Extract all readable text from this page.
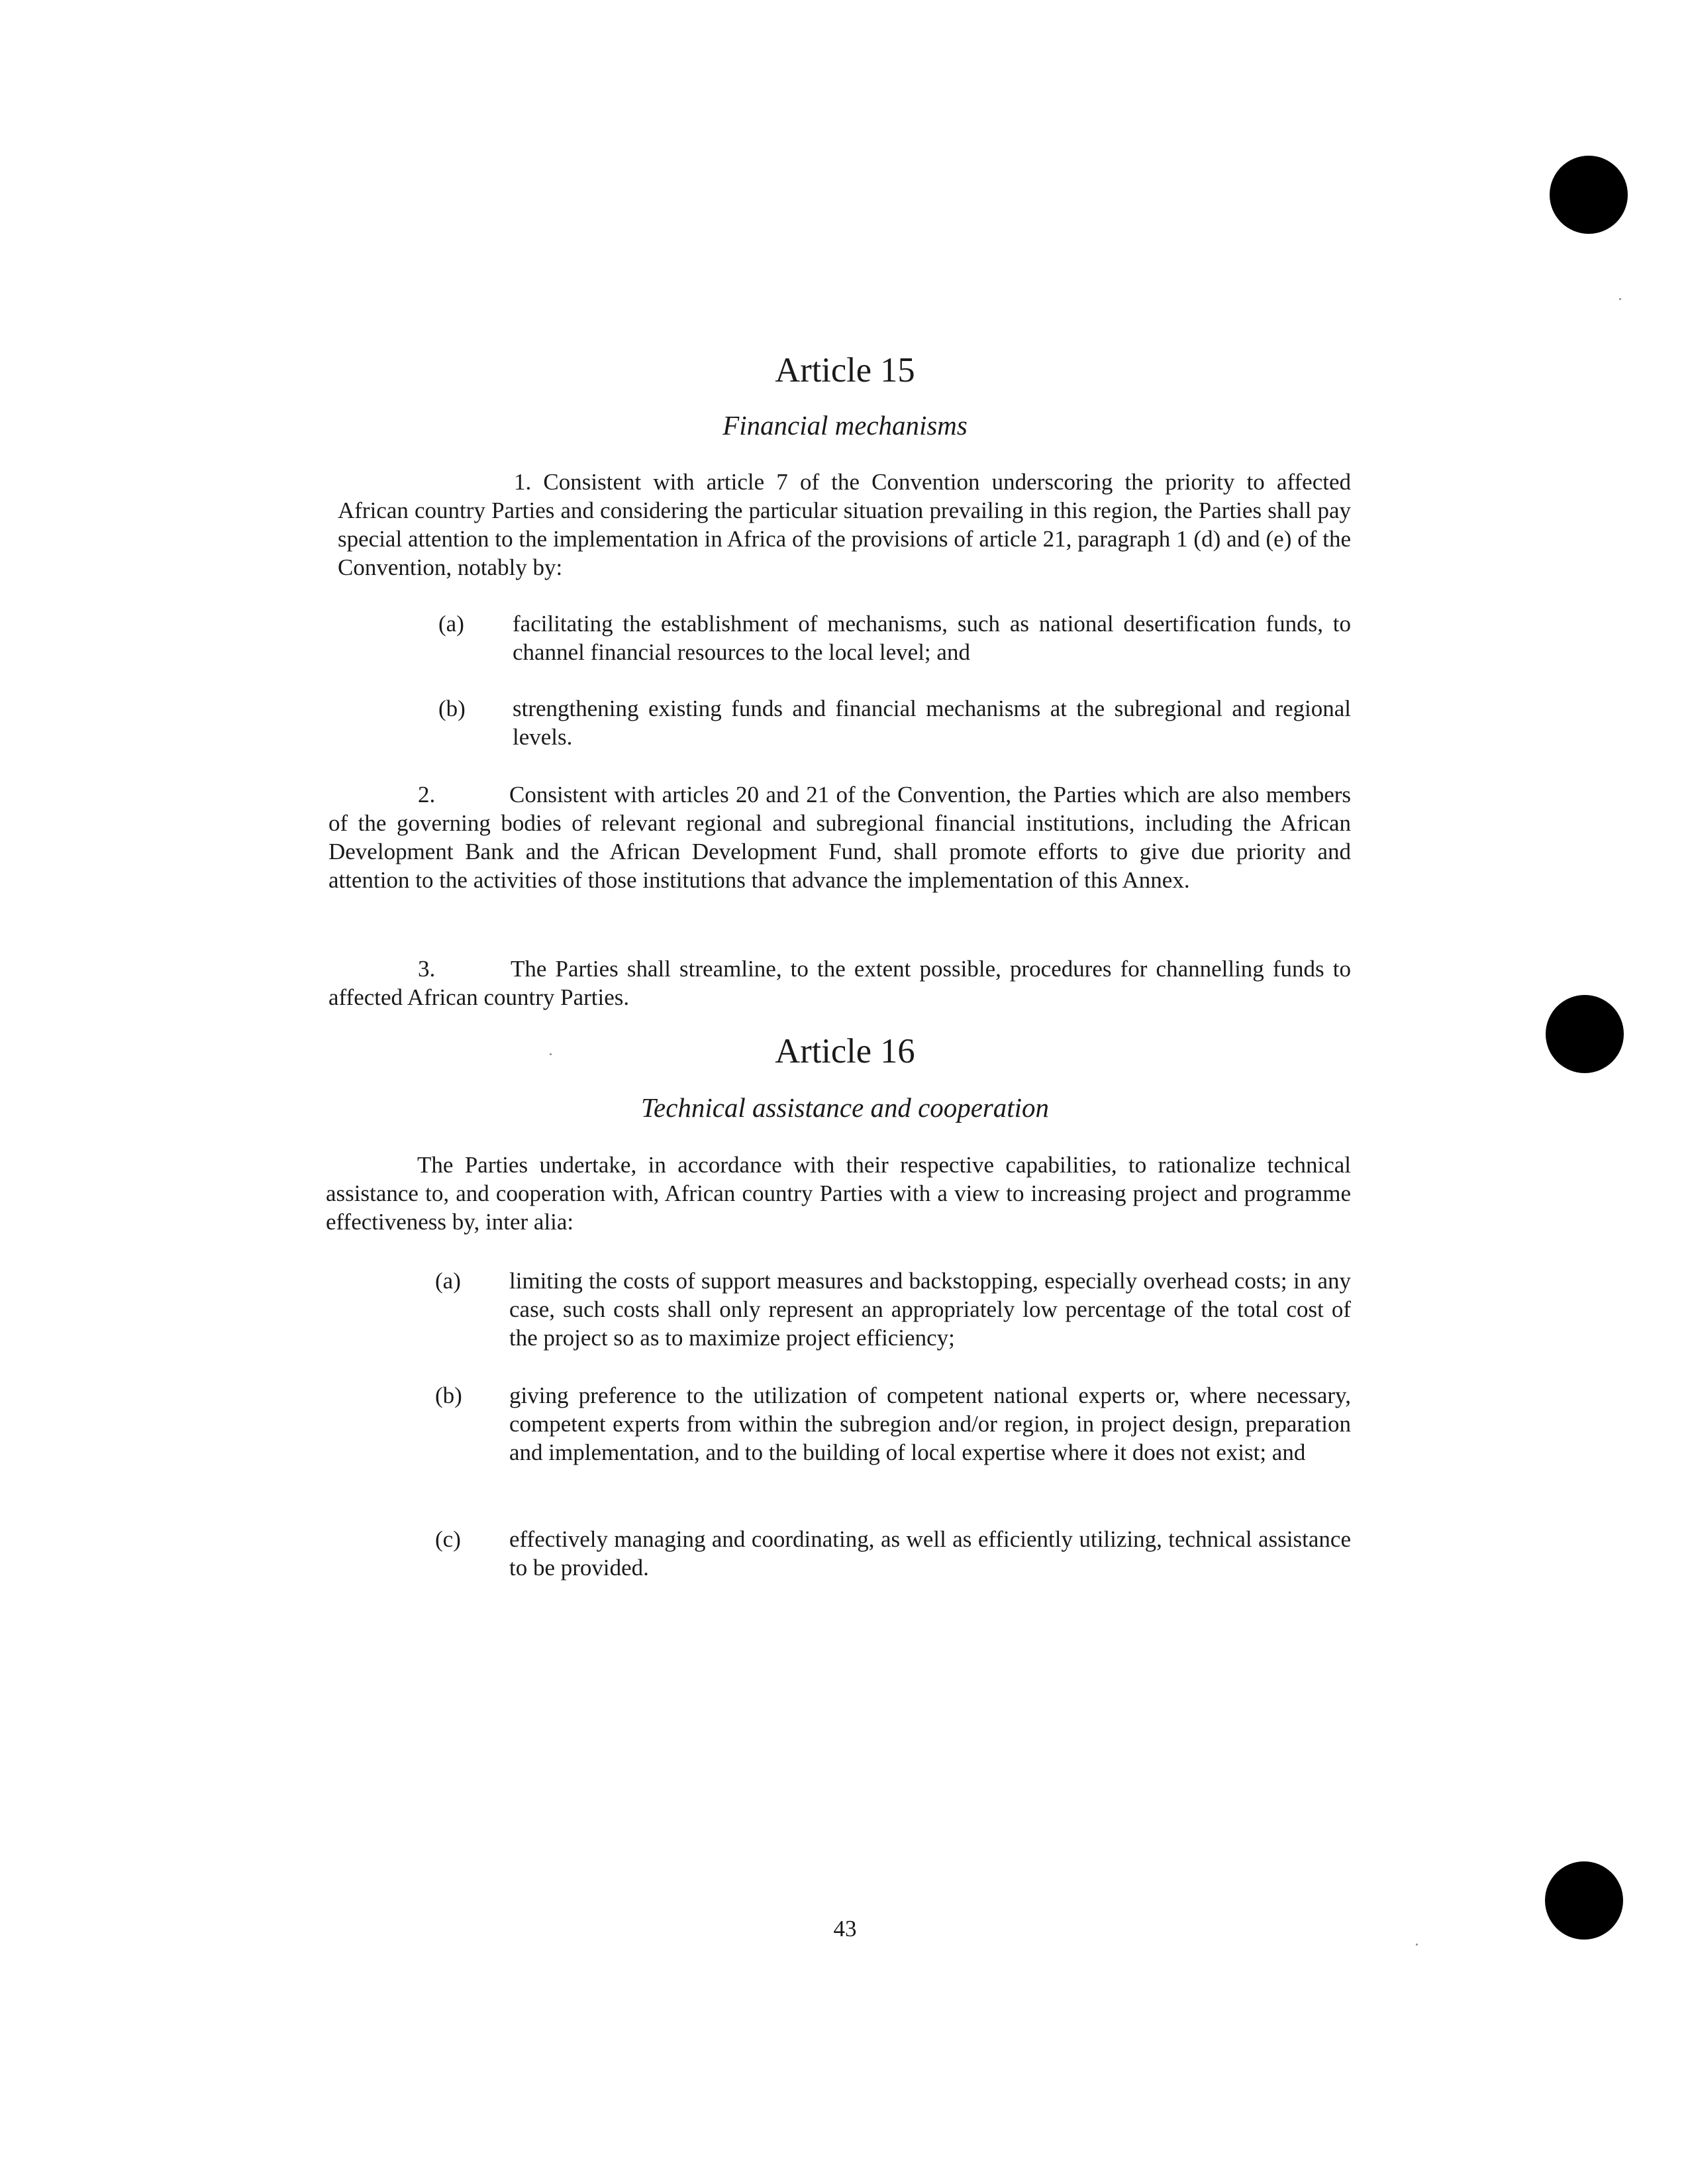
Article 15
Financial mechanisms

1. Consistent with article 7 of the Convention underscoring the priority to affected African country Parties and considering the particular situation prevailing in this region, the Parties shall pay special attention to the implementation in Africa of the provisions of article 21, paragraph 1 (d) and (e) of the Convention, notably by:

(a) facilitating the establishment of mechanisms, such as national desertification funds, to channel financial resources to the local level; and
(b) strengthening existing funds and financial mechanisms at the subregional and regional levels.

2.	Consistent with articles 20 and 21 of the Convention, the Parties which are also members of the governing bodies of relevant regional and subregional financial institutions, including the African Development Bank and the African Development Fund, shall promote efforts to give due priority and attention to the activities of those institutions that advance the implementation of this Annex.

3.	The Parties shall streamline, to the extent possible, procedures for channelling funds to affected African country Parties.

Article 16
Technical assistance and cooperation

The Parties undertake, in accordance with their respective capabilities, to rationalize technical assistance to, and cooperation with, African country Parties with a view to increasing project and programme effectiveness by, inter alia:

(a) limiting the costs of support measures and backstopping, especially overhead costs; in any case, such costs shall only represent an appropriately low percentage of the total cost of the project so as to maximize project efficiency;
(b) giving preference to the utilization of competent national experts or, where necessary, competent experts from within the subregion and/or region, in project design, preparation and implementation, and to the building of local expertise where it does not exist; and
(c) effectively managing and coordinating, as well as efficiently utilizing, technical assistance to be provided.
43
